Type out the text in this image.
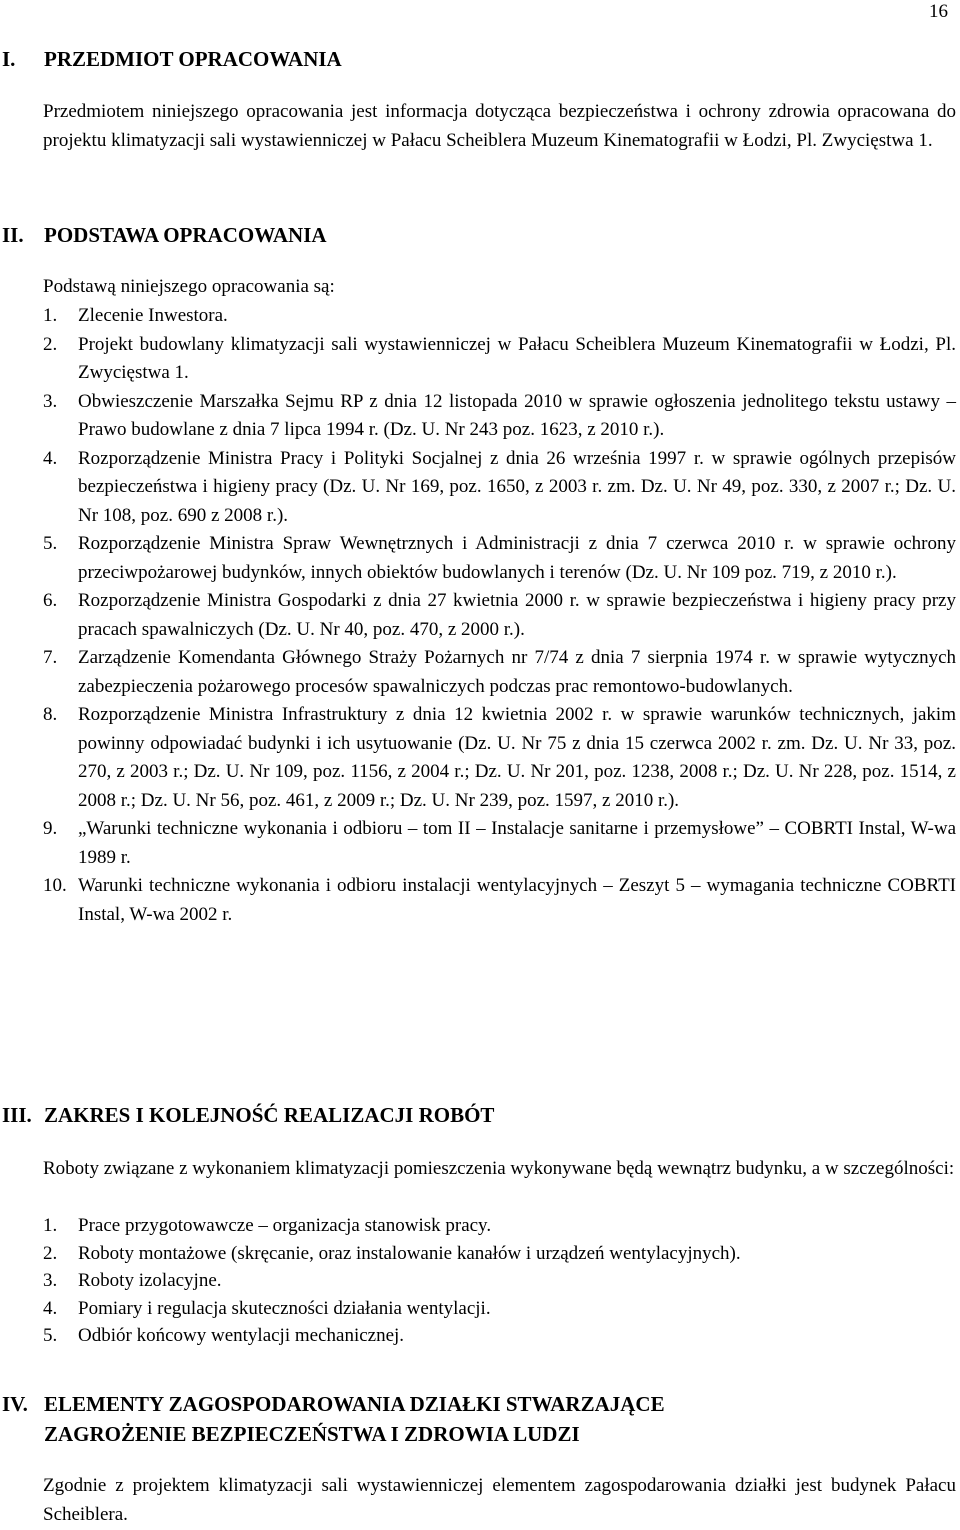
16
I. PRZEDMIOT OPRACOWANIA

Przedmiotem niniejszego opracowania jest informacja dotycząca bezpieczeństwa i ochrony zdrowia opracowana do projektu klimatyzacji sali wystawienniczej w Pałacu Scheiblera Muzeum Kinematografii w Łodzi, Pl. Zwycięstwa 1.

II. PODSTAWA OPRACOWANIA

Podstawą niniejszego opracowania są:

1. Zlecenie Inwestora.
2. Projekt budowlany klimatyzacji sali wystawienniczej w Pałacu Scheiblera Muzeum Kinematografii w Łodzi, Pl. Zwycięstwa 1.
3. Obwieszczenie Marszałka Sejmu RP z dnia 12 listopada 2010 w sprawie ogłoszenia jednolitego tekstu ustawy – Prawo budowlane z dnia 7 lipca 1994 r. (Dz. U. Nr 243 poz. 1623, z 2010 r.).
4. Rozporządzenie Ministra Pracy i Polityki Socjalnej z dnia 26 września 1997 r. w sprawie ogólnych przepisów bezpieczeństwa i higieny pracy (Dz. U. Nr 169, poz. 1650, z 2003 r. zm. Dz. U. Nr 49, poz. 330, z 2007 r.; Dz. U. Nr 108, poz. 690 z 2008 r.).
5. Rozporządzenie Ministra Spraw Wewnętrznych i Administracji z dnia 7 czerwca 2010 r. w sprawie ochrony przeciwpożarowej budynków, innych obiektów budowlanych i terenów (Dz. U. Nr 109 poz. 719, z 2010 r.).
6. Rozporządzenie Ministra Gospodarki z dnia 27 kwietnia 2000 r. w sprawie bezpieczeństwa i higieny pracy przy pracach spawalniczych (Dz. U. Nr 40, poz. 470, z 2000 r.).
7. Zarządzenie Komendanta Głównego Straży Pożarnych nr 7/74 z dnia 7 sierpnia 1974 r. w sprawie wytycznych zabezpieczenia pożarowego procesów spawalniczych podczas prac remontowo-budowlanych.
8. Rozporządzenie Ministra Infrastruktury z dnia 12 kwietnia 2002 r. w sprawie warunków technicznych, jakim powinny odpowiadać budynki i ich usytuowanie (Dz. U. Nr 75 z dnia 15 czerwca 2002 r. zm. Dz. U. Nr 33, poz. 270, z 2003 r.; Dz. U. Nr 109, poz. 1156, z 2004 r.; Dz. U. Nr 201, poz. 1238, 2008 r.; Dz. U. Nr 228, poz. 1514, z 2008 r.; Dz. U. Nr 56, poz. 461, z 2009 r.; Dz. U. Nr 239, poz. 1597, z 2010 r.).
9. „Warunki techniczne wykonania i odbioru – tom II – Instalacje sanitarne i przemysłowe” – COBRTI Instal, W-wa 1989 r.
10. Warunki techniczne wykonania i odbioru instalacji wentylacyjnych – Zeszyt 5 – wymagania techniczne COBRTI Instal, W-wa 2002 r.
III. ZAKRES I KOLEJNOŚĆ REALIZACJI ROBÓT

Roboty związane z wykonaniem klimatyzacji pomieszczenia wykonywane będą wewnątrz budynku, a w szczególności:

1. Prace przygotowawcze – organizacja stanowisk pracy.
2. Roboty montażowe (skręcanie, oraz instalowanie kanałów i urządzeń wentylacyjnych).
3. Roboty izolacyjne.
4. Pomiary i regulacja skuteczności działania wentylacji.
5. Odbiór końcowy wentylacji mechanicznej.
IV. ELEMENTY ZAGOSPODAROWANIA DZIAŁKI STWARZAJĄCE
ZAGROŻENIE BEZPIECZEŃSTWA I ZDROWIA LUDZI

Zgodnie z projektem klimatyzacji sali wystawienniczej elementem zagospodarowania działki jest budynek Pałacu Scheiblera.
